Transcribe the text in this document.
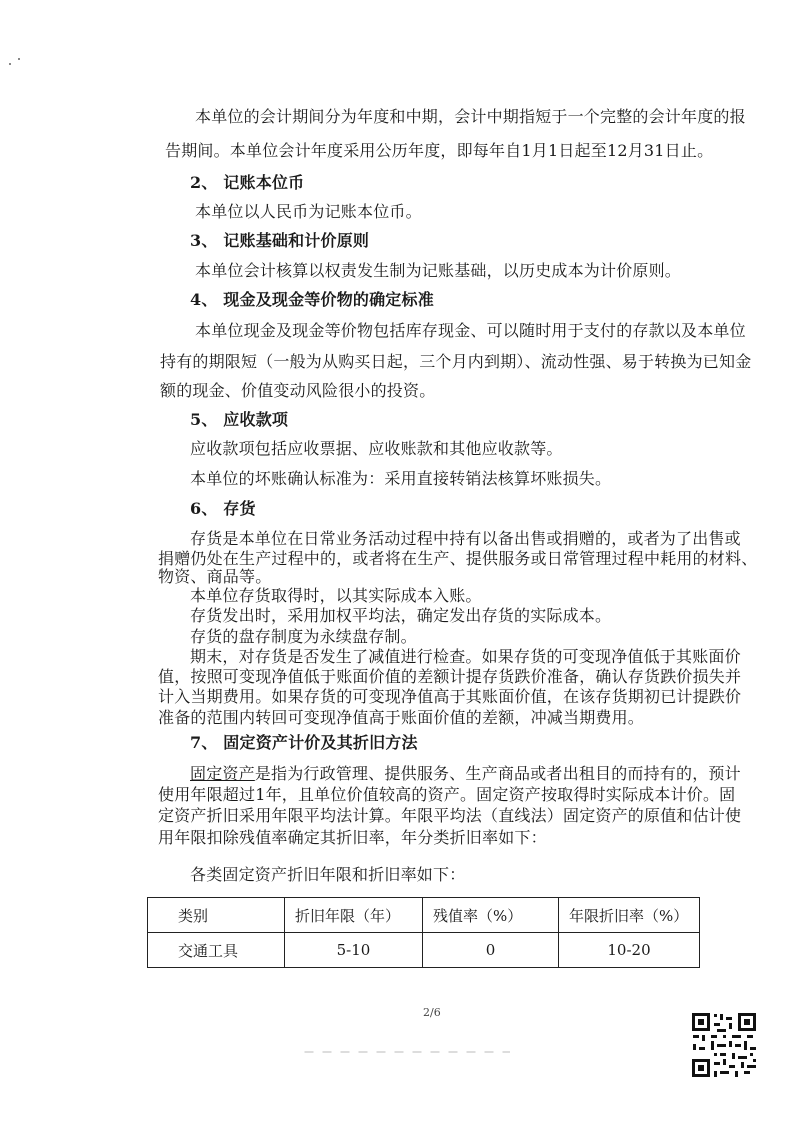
本单位的会计期间分为年度和中期，会计中期指短于一个完整的会计年度的报
告期间。本单位会计年度采用公历年度，即每年自1月1日起至12月31日止。
2、 记账本位币
本单位以人民币为记账本位币。
3、 记账基础和计价原则
本单位会计核算以权责发生制为记账基础，以历史成本为计价原则。
4、 现金及现金等价物的确定标准
本单位现金及现金等价物包括库存现金、可以随时用于支付的存款以及本单位
持有的期限短（一般为从购买日起，三个月内到期）、流动性强、易于转换为已知金
额的现金、价值变动风险很小的投资。
5、 应收款项
应收款项包括应收票据、应收账款和其他应收款等。
本单位的坏账确认标准为：采用直接转销法核算坏账损失。
6、 存货
存货是本单位在日常业务活动过程中持有以备出售或捐赠的，或者为了出售或
捐赠仍处在生产过程中的，或者将在生产、提供服务或日常管理过程中耗用的材料、
物资、商品等。
本单位存货取得时，以其实际成本入账。
存货发出时，采用加权平均法，确定发出存货的实际成本。
存货的盘存制度为永续盘存制。
期末，对存货是否发生了减值进行检查。如果存货的可变现净值低于其账面价
值，按照可变现净值低于账面价值的差额计提存货跌价准备，确认存货跌价损失并
计入当期费用。如果存货的可变现净值高于其账面价值，在该存货期初已计提跌价
准备的范围内转回可变现净值高于账面价值的差额，冲减当期费用。
7、 固定资产计价及其折旧方法
固定资产是指为行政管理、提供服务、生产商品或者出租目的而持有的，预计
使用年限超过1年，且单位价值较高的资产。固定资产按取得时实际成本计价。固
定资产折旧采用年限平均法计算。年限平均法（直线法）固定资产的原值和估计使
用年限扣除残值率确定其折旧率，年分类折旧率如下：
各类固定资产折旧年限和折旧率如下：
类别	折旧年限（年）	残值率（%）	年限折旧率（%）
交通工具	5-10	0	10-20
2/6
